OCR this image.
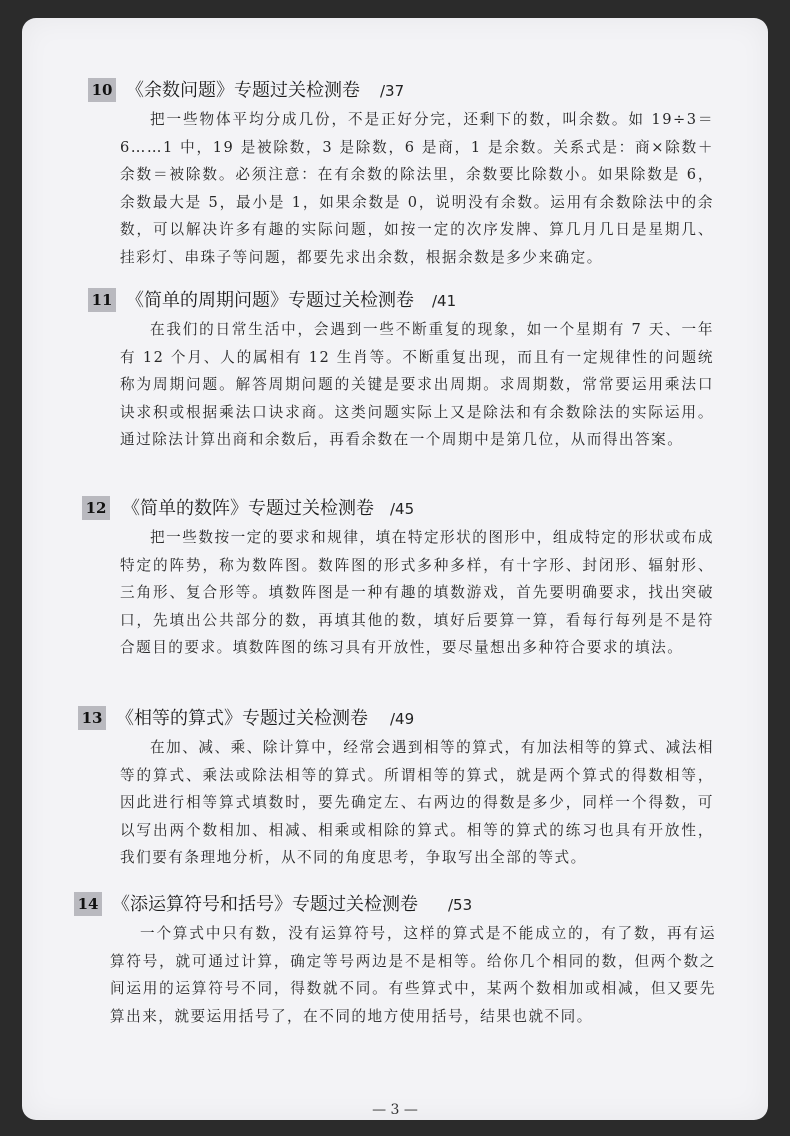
10 《余数问题》专题过关检测卷 /37
把一些物体平均分成几份，不是正好分完，还剩下的数，叫余数。如 19÷3＝6……1 中，19 是被除数，3 是除数，6 是商，1 是余数。关系式是：商×除数＋余数＝被除数。必须注意：在有余数的除法里，余数要比除数小。如果除数是 6，余数最大是 5，最小是 1，如果余数是 0，说明没有余数。运用有余数除法中的余数，可以解决许多有趣的实际问题，如按一定的次序发牌、算几月几日是星期几、挂彩灯、串珠子等问题，都要先求出余数，根据余数是多少来确定。
11 《简单的周期问题》专题过关检测卷 /41
在我们的日常生活中，会遇到一些不断重复的现象，如一个星期有 7 天、一年有 12 个月、人的属相有 12 生肖等。不断重复出现，而且有一定规律性的问题统称为周期问题。解答周期问题的关键是要求出周期。求周期数，常常要运用乘法口诀求积或根据乘法口诀求商。这类问题实际上又是除法和有余数除法的实际运用。通过除法计算出商和余数后，再看余数在一个周期中是第几位，从而得出答案。
12 《简单的数阵》专题过关检测卷 /45
把一些数按一定的要求和规律，填在特定形状的图形中，组成特定的形状或布成特定的阵势，称为数阵图。数阵图的形式多种多样，有十字形、封闭形、辐射形、三角形、复合形等。填数阵图是一种有趣的填数游戏，首先要明确要求，找出突破口，先填出公共部分的数，再填其他的数，填好后要算一算，看每行每列是不是符合题目的要求。填数阵图的练习具有开放性，要尽量想出多种符合要求的填法。
13 《相等的算式》专题过关检测卷 /49
在加、减、乘、除计算中，经常会遇到相等的算式，有加法相等的算式、减法相等的算式、乘法或除法相等的算式。所谓相等的算式，就是两个算式的得数相等，因此进行相等算式填数时，要先确定左、右两边的得数是多少，同样一个得数，可以写出两个数相加、相减、相乘或相除的算式。相等的算式的练习也具有开放性，我们要有条理地分析，从不同的角度思考，争取写出全部的等式。
14 《添运算符号和括号》专题过关检测卷 /53
一个算式中只有数，没有运算符号，这样的算式是不能成立的，有了数，再有运算符号，就可通过计算，确定等号两边是不是相等。给你几个相同的数，但两个数之间运用的运算符号不同，得数就不同。有些算式中，某两个数相加或相减，但又要先算出来，就要运用括号了，在不同的地方使用括号，结果也就不同。
— 3 —
